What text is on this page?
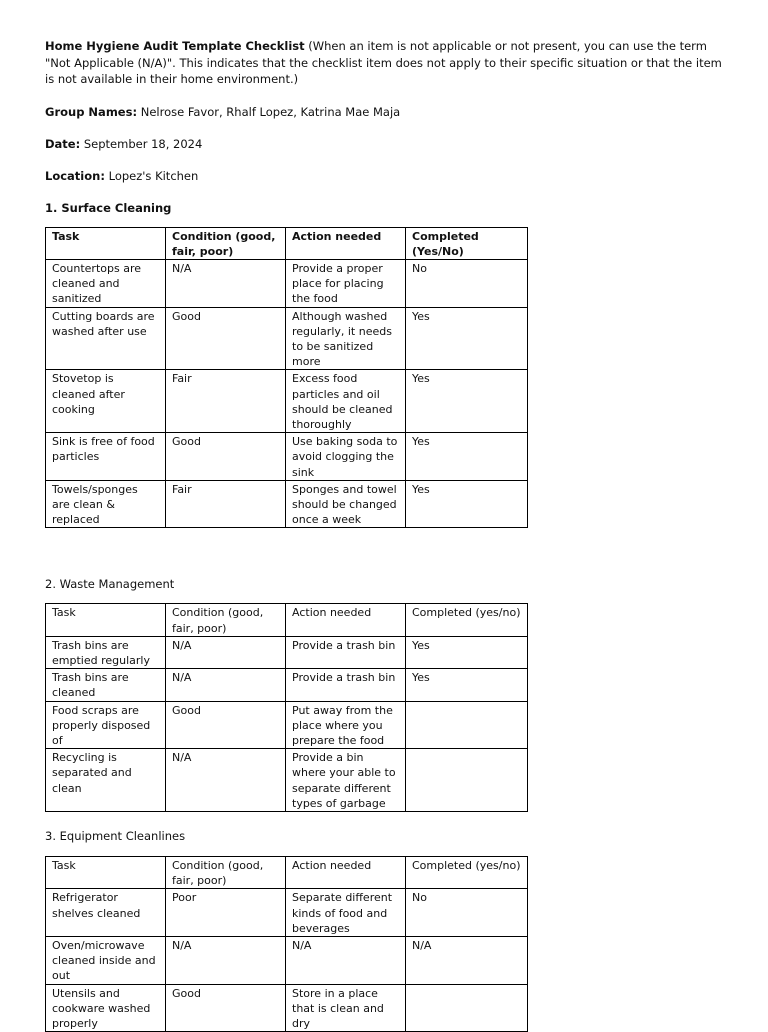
Home Hygiene Audit Template Checklist (When an item is not applicable or not present, you can use the term "Not Applicable (N/A)". This indicates that the checklist item does not apply to their specific situation or that the item is not available in their home environment.)

Group Names: Nelrose Favor, Rhalf Lopez, Katrina Mae Maja

Date: September 18, 2024

Location: Lopez's Kitchen

1. Surface Cleaning

Task	Condition (good, fair, poor)	Action needed	Completed (Yes/No)
Countertops are cleaned and sanitized	N/A	Provide a proper place for placing the food	No
Cutting boards are washed after use	Good	Although washed regularly, it needs to be sanitized more	Yes
Stovetop is cleaned after cooking	Fair	Excess food particles and oil should be cleaned thoroughly	Yes
Sink is free of food particles	Good	Use baking soda to avoid clogging the sink	Yes
Towels/sponges are clean & replaced	Fair	Sponges and towel should be changed once a week	Yes

2. Waste Management

Task	Condition (good, fair, poor)	Action needed	Completed (yes/no)
Trash bins are emptied regularly	N/A	Provide a trash bin	Yes
Trash bins are cleaned	N/A	Provide a trash bin	Yes
Food scraps are properly disposed of	Good	Put away from the place where you prepare the food	
Recycling is separated and clean	N/A	Provide a bin where your able to separate different types of garbage	

3. Equipment Cleanlines

Task	Condition (good, fair, poor)	Action needed	Completed (yes/no)
Refrigerator shelves cleaned	Poor	Separate different kinds of food and beverages	No
Oven/microwave cleaned inside and out	N/A	N/A	N/A
Utensils and cookware washed properly	Good	Store in a place that is clean and dry	
